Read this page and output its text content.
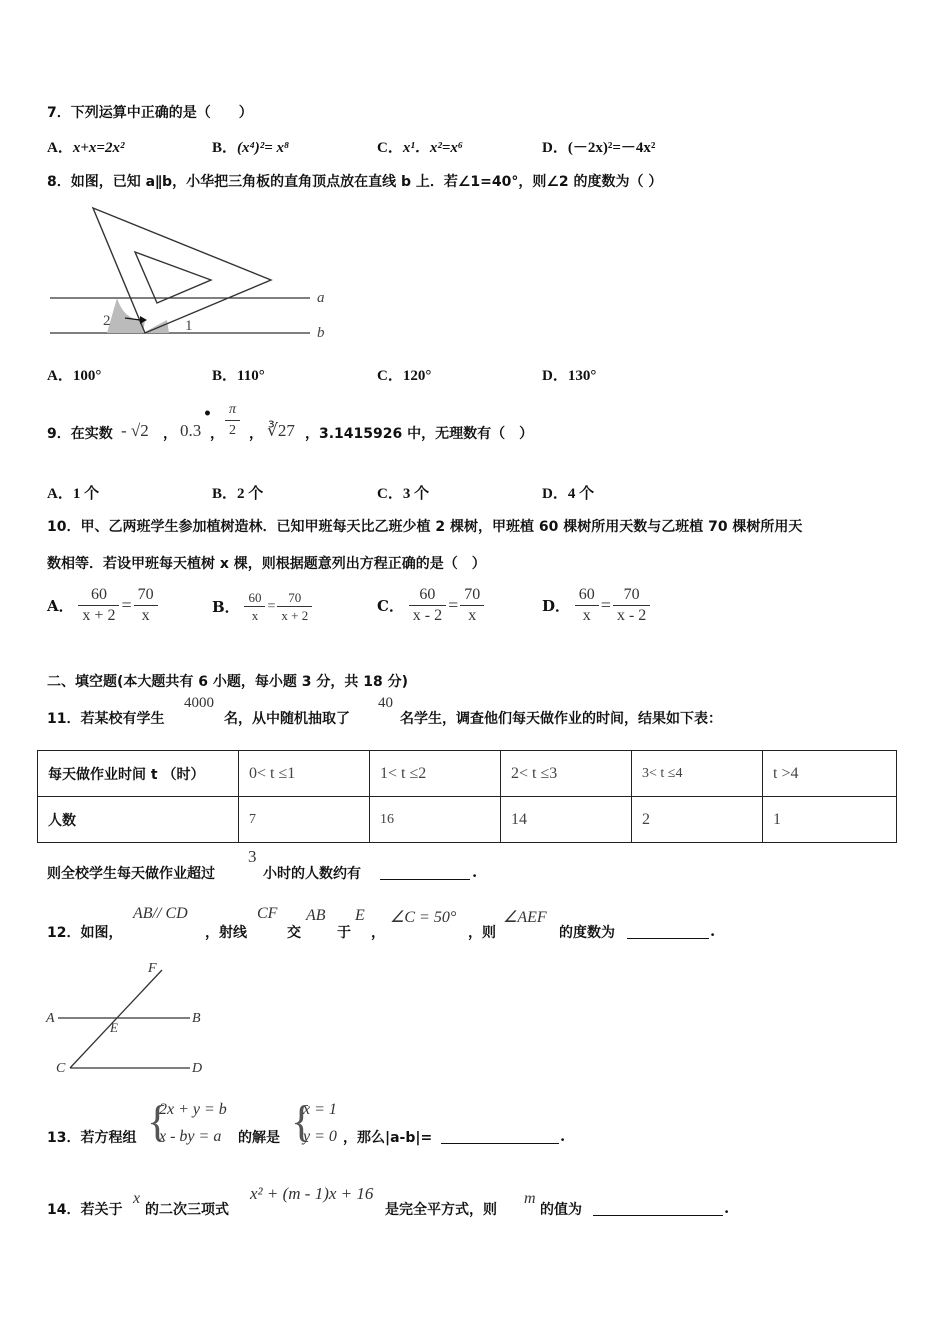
7．下列运算中正确的是（　　）
A．x+x=2x²	B．(x⁴)²= x⁸	C．x¹．x²=x⁶	D．(－2x)²=－4x²
8．如图，已知 a∥b，小华把三角板的直角顶点放在直线 b 上．若∠1=40°，则∠2 的度数为（ ）
a
b
1
2
A．100°	B．110°	C．120°	D．130°
9．在实数 - √2 ， 0.3
•
， $\frac{\pi}{2}$ ， ∛27 ，3.1415926 中，无理数有（　）
A．1 个	B．2 个	C．3 个	D．4 个
10．甲、乙两班学生参加植树造林．已知甲班每天比乙班少植 2 棵树，甲班植 60 棵树所用天数与乙班植 70 棵树所用天
数相等．若设甲班每天植树 x 棵，则根据题意列出方程正确的是（　）
A． $\frac{60}{x + 2} = \frac{70}{x}$	B． $\frac{60}{x} = \frac{70}{x + 2}$	C． $\frac{60}{x - 2} = \frac{70}{x}$	D． $\frac{60}{x} = \frac{70}{x - 2}$
二、填空题(本大题共有 6 小题，每小题 3 分，共 18 分)
11．若某校有学生
4000
名，从中随机抽取了
40
名学生，调查他们每天做作业的时间，结果如下表：
每天做作业时间 t （时）	0< t ≤1	1< t ≤2	2< t ≤3	3< t ≤4	t >4
人数	7	16	14	2	1
则全校学生每天做作业超过
3
小时的人数约有	.
12．如图，
AB// CD
，射线
CF
交
AB
于
E
，
∠C = 50°
，则
∠AEF
的度数为	.
A	B
C	D
E
F
13．若方程组 {
2x + y = b
x - by = a 的解是 {
x = 1
y = 0 ，那么|a-b|=	.
14．若关于
x
的二次三项式
x² + (m - 1)x + 16
是完全平方式，则
m
的值为	.
